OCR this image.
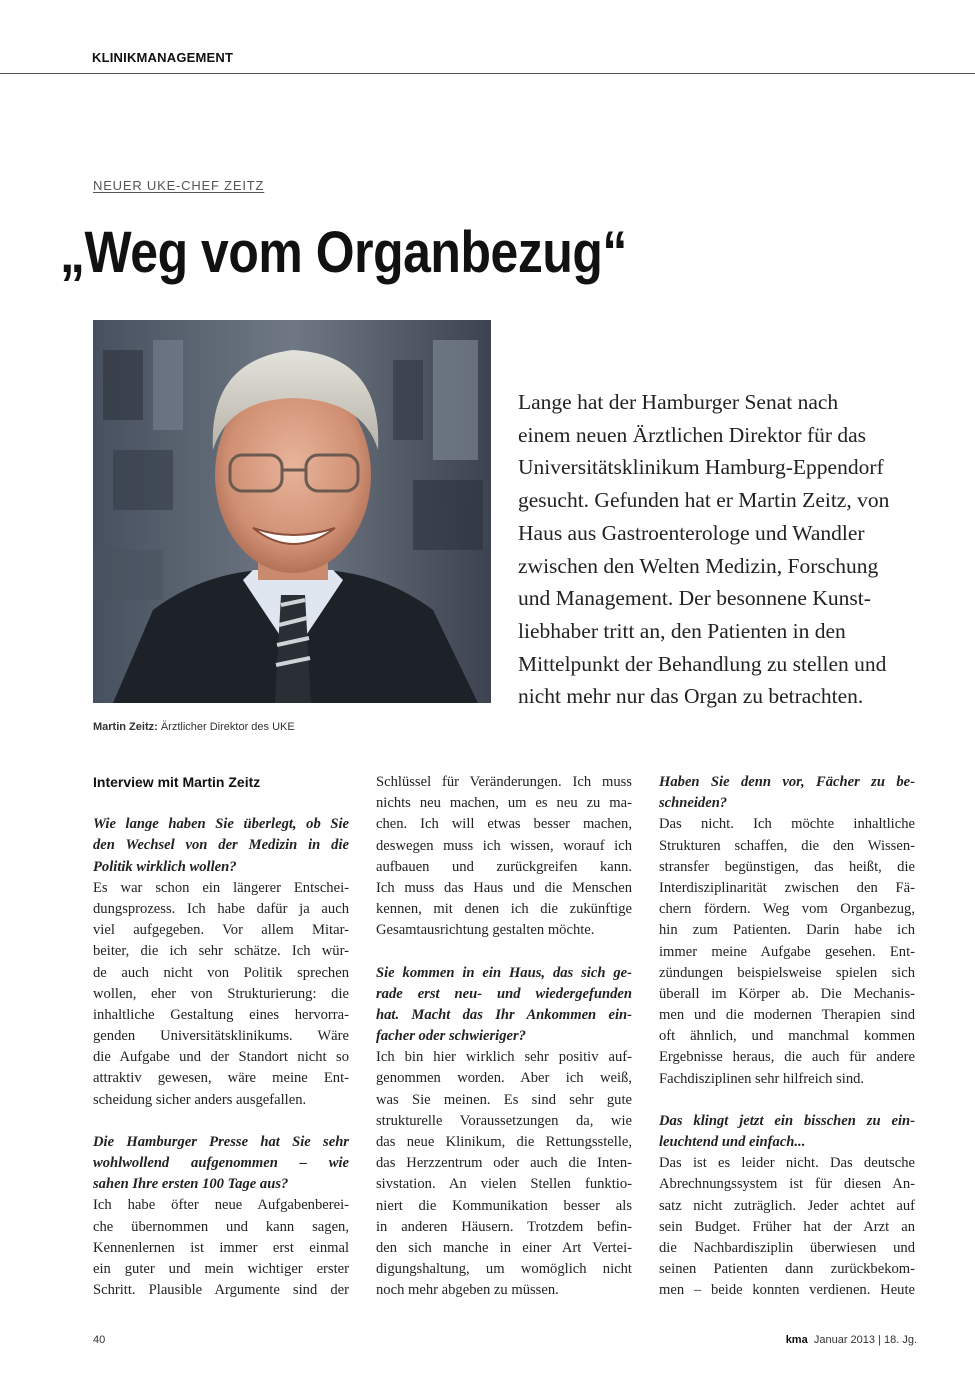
KLINIKMANAGEMENT
NEUER UKE-CHEF ZEITZ
„Weg vom Organbezug“
Martin Zeitz: Ärztlicher Direktor des UKE
Lange hat der Hamburger Senat nach
einem neuen Ärztlichen Direktor für das
Universitätsklinikum Hamburg-Eppendorf
gesucht. Gefunden hat er Martin Zeitz, von
Haus aus Gastroenterologe und Wandler
zwischen den Welten Medizin, Forschung
und Management. Der besonnene Kunst-
liebhaber tritt an, den Patienten in den
Mittelpunkt der Behandlung zu stellen und
nicht mehr nur das Organ zu betrachten.
Interview mit Martin Zeitz
Wie lange haben Sie überlegt, ob Sie
den Wechsel von der Medizin in die
Politik wirklich wollen?
Es war schon ein längerer Entschei-
dungsprozess. Ich habe dafür ja auch
viel aufgegeben. Vor allem Mitar-
beiter, die ich sehr schätze. Ich wür-
de auch nicht von Politik sprechen
wollen, eher von Strukturierung: die
inhaltliche Gestaltung eines hervorra-
genden Universitätsklinikums. Wäre
die Aufgabe und der Standort nicht so
attraktiv gewesen, wäre meine Ent-
scheidung sicher anders ausgefallen.
Die Hamburger Presse hat Sie sehr
wohlwollend aufgenommen – wie
sahen Ihre ersten 100 Tage aus?
Ich habe öfter neue Aufgabenberei-
che übernommen und kann sagen,
Kennenlernen ist immer erst einmal
ein guter und mein wichtiger erster
Schritt. Plausible Argumente sind der
Schlüssel für Veränderungen. Ich muss
nichts neu machen, um es neu zu ma-
chen. Ich will etwas besser machen,
deswegen muss ich wissen, worauf ich
aufbauen und zurückgreifen kann.
Ich muss das Haus und die Menschen
kennen, mit denen ich die zukünftige
Gesamtausrichtung gestalten möchte.
Sie kommen in ein Haus, das sich ge-
rade erst neu- und wiedergefunden
hat. Macht das Ihr Ankommen ein-
facher oder schwieriger?
Ich bin hier wirklich sehr positiv auf-
genommen worden. Aber ich weiß,
was Sie meinen. Es sind sehr gute
strukturelle Voraussetzungen da, wie
das neue Klinikum, die Rettungsstelle,
das Herzzentrum oder auch die Inten-
sivstation. An vielen Stellen funktio-
niert die Kommunikation besser als
in anderen Häusern. Trotzdem befin-
den sich manche in einer Art Vertei-
digungshaltung, um womöglich nicht
noch mehr abgeben zu müssen.
Haben Sie denn vor, Fächer zu be-
schneiden?
Das nicht. Ich möchte inhaltliche
Strukturen schaffen, die den Wissen-
stransfer begünstigen, das heißt, die
Interdisziplinarität zwischen den Fä-
chern fördern. Weg vom Organbezug,
hin zum Patienten. Darin habe ich
immer meine Aufgabe gesehen. Ent-
zündungen beispielsweise spielen sich
überall im Körper ab. Die Mechanis-
men und die modernen Therapien sind
oft ähnlich, und manchmal kommen
Ergebnisse heraus, die auch für andere
Fachdisziplinen sehr hilfreich sind.
Das klingt jetzt ein bisschen zu ein-
leuchtend und einfach...
Das ist es leider nicht. Das deutsche
Abrechnungssystem ist für diesen An-
satz nicht zuträglich. Jeder achtet auf
sein Budget. Früher hat der Arzt an
die Nachbardisziplin überwiesen und
seinen Patienten dann zurückbekom-
men – beide konnten verdienen. Heute
40	kma Januar 2013 | 18. Jg.
